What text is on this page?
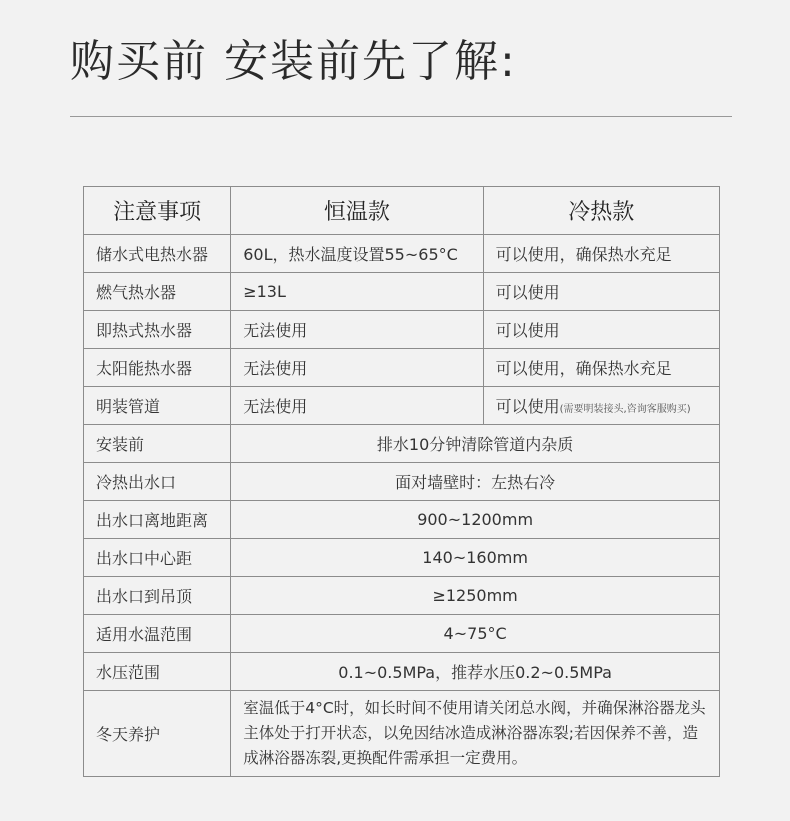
购买前 安装前先了解:
注意事项	恒温款	冷热款
储水式电热水器	60L，热水温度设置55~65°C	可以使用，确保热水充足
燃气热水器	≥13L	可以使用
即热式热水器	无法使用	可以使用
太阳能热水器	无法使用	可以使用，确保热水充足
明装管道	无法使用	可以使用(需要明装接头,咨询客服购买)
安装前	排水10分钟清除管道内杂质	
冷热出水口	面对墙壁时：左热右冷	
出水口离地距离	900~1200mm	
出水口中心距	140~160mm	
出水口到吊顶	≥1250mm	
适用水温范围	4~75°C	
水压范围	0.1~0.5MPa，推荐水压0.2~0.5MPa	
冬天养护	室温低于4°C时，如长时间不使用请关闭总水阀，并确保淋浴器龙头主体处于打开状态，以免因结冰造成淋浴器冻裂;若因保养不善，造成淋浴器冻裂,更换配件需承担一定费用。	
